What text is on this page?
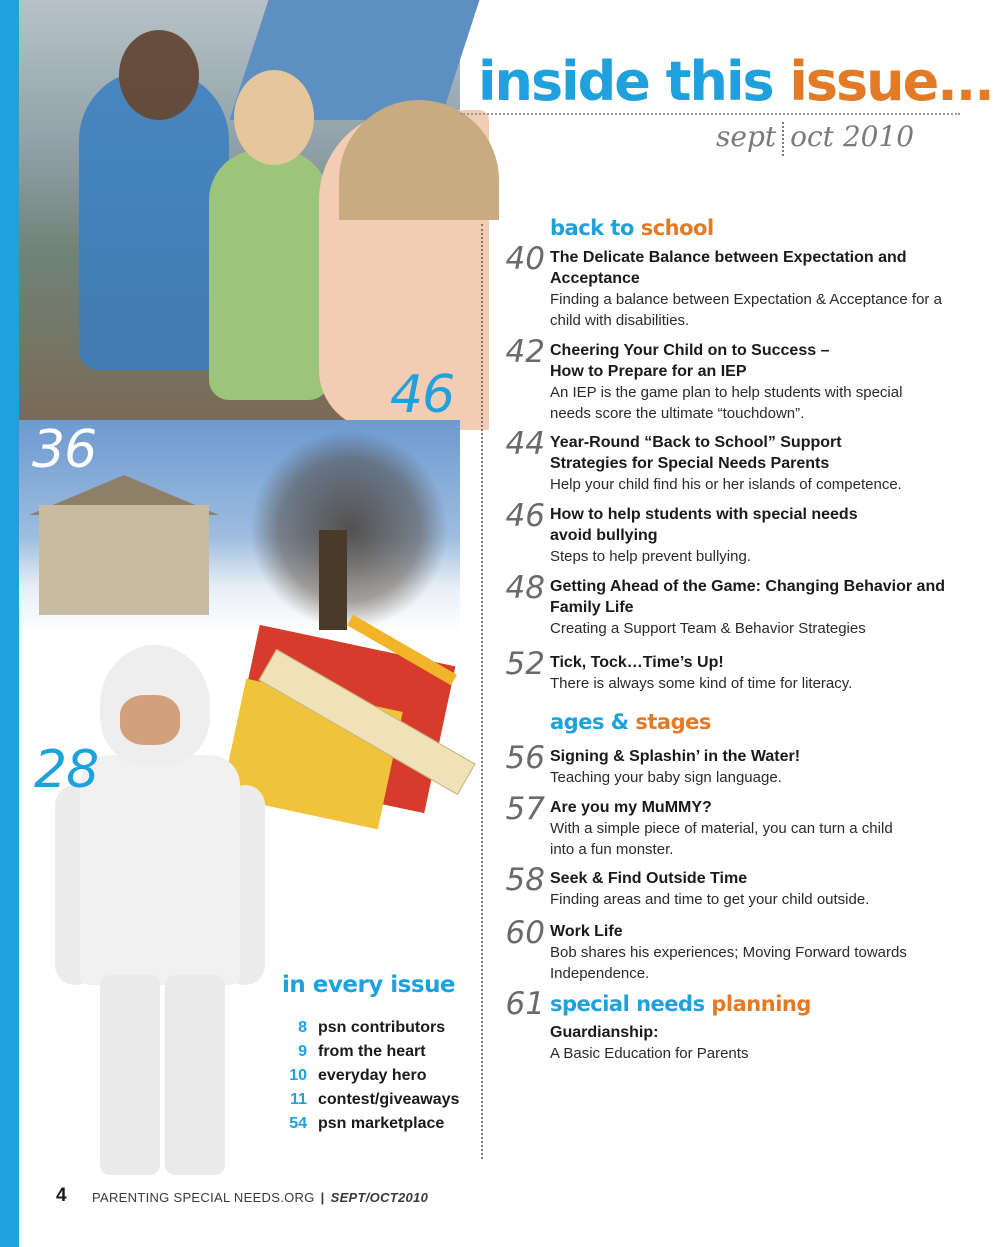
46
36
28
inside this issue...
sept oct 2010
back to school
40 The Delicate Balance between Expectation and Acceptance
Finding a balance between Expectation & Acceptance for a child with disabilities.
42 Cheering Your Child on to Success – How to Prepare for an IEP
An IEP is the game plan to help students with special needs score the ultimate “touchdown”.
44 Year-Round “Back to School” Support Strategies for Special Needs Parents
Help your child find his or her islands of competence.
46 How to help students with special needs avoid bullying
Steps to help prevent bullying.
48 Getting Ahead of the Game: Changing Behavior and Family Life
Creating a Support Team & Behavior Strategies
52 Tick, Tock…Time’s Up!
There is always some kind of time for literacy.
ages & stages
56 Signing & Splashin’ in the Water!
Teaching your baby sign language.
57 Are you my MuMMY?
With a simple piece of material, you can turn a child into a fun monster.
58 Seek & Find Outside Time
Finding areas and time to get your child outside.
60 Work Life
Bob shares his experiences; Moving Forward towards Independence.
61 special needs planning
Guardianship:
A Basic Education for Parents
in every issue
8 psn contributors
9 from the heart
10 everyday hero
11 contest/giveaways
54 psn marketplace
4 PARENTING SPECIAL NEEDS.ORG | SEPT/OCT2010
